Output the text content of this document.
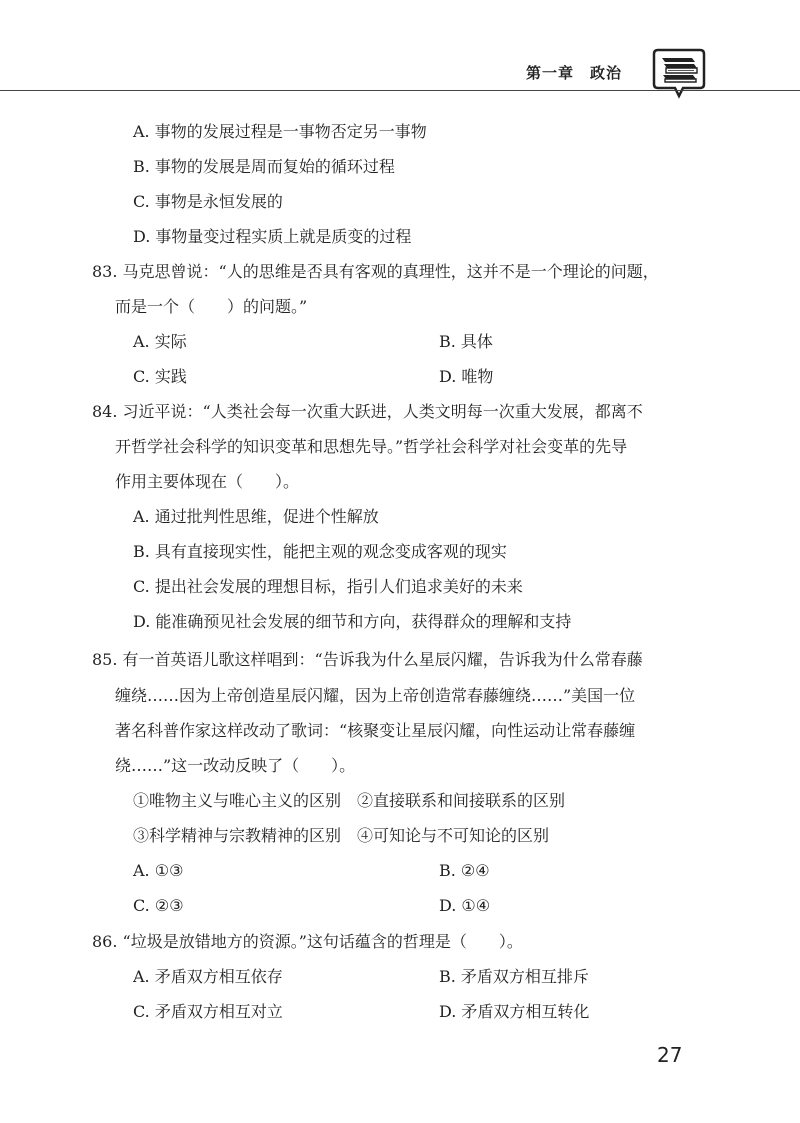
第一章　政治
A. 事物的发展过程是一事物否定另一事物
B. 事物的发展是周而复始的循环过程
C. 事物是永恒发展的
D. 事物量变过程实质上就是质变的过程
83. 马克思曾说：“人的思维是否具有客观的真理性，这并不是一个理论的问题，
而是一个（　　）的问题。”
A. 实际	B. 具体
C. 实践	D. 唯物
84. 习近平说：“人类社会每一次重大跃进，人类文明每一次重大发展，都离不
开哲学社会科学的知识变革和思想先导。”哲学社会科学对社会变革的先导
作用主要体现在（　　）。
A. 通过批判性思维，促进个性解放
B. 具有直接现实性，能把主观的观念变成客观的现实
C. 提出社会发展的理想目标，指引人们追求美好的未来
D. 能准确预见社会发展的细节和方向，获得群众的理解和支持
85. 有一首英语儿歌这样唱到：“告诉我为什么星辰闪耀，告诉我为什么常春藤
缠绕……因为上帝创造星辰闪耀，因为上帝创造常春藤缠绕……”美国一位
著名科普作家这样改动了歌词：“核聚变让星辰闪耀，向性运动让常春藤缠
绕……”这一改动反映了（　　）。
①唯物主义与唯心主义的区别　②直接联系和间接联系的区别
③科学精神与宗教精神的区别　④可知论与不可知论的区别
A. ①③	B. ②④
C. ②③	D. ①④
86. “垃圾是放错地方的资源。”这句话蕴含的哲理是（　　）。
A. 矛盾双方相互依存	B. 矛盾双方相互排斥
C. 矛盾双方相互对立	D. 矛盾双方相互转化
27
